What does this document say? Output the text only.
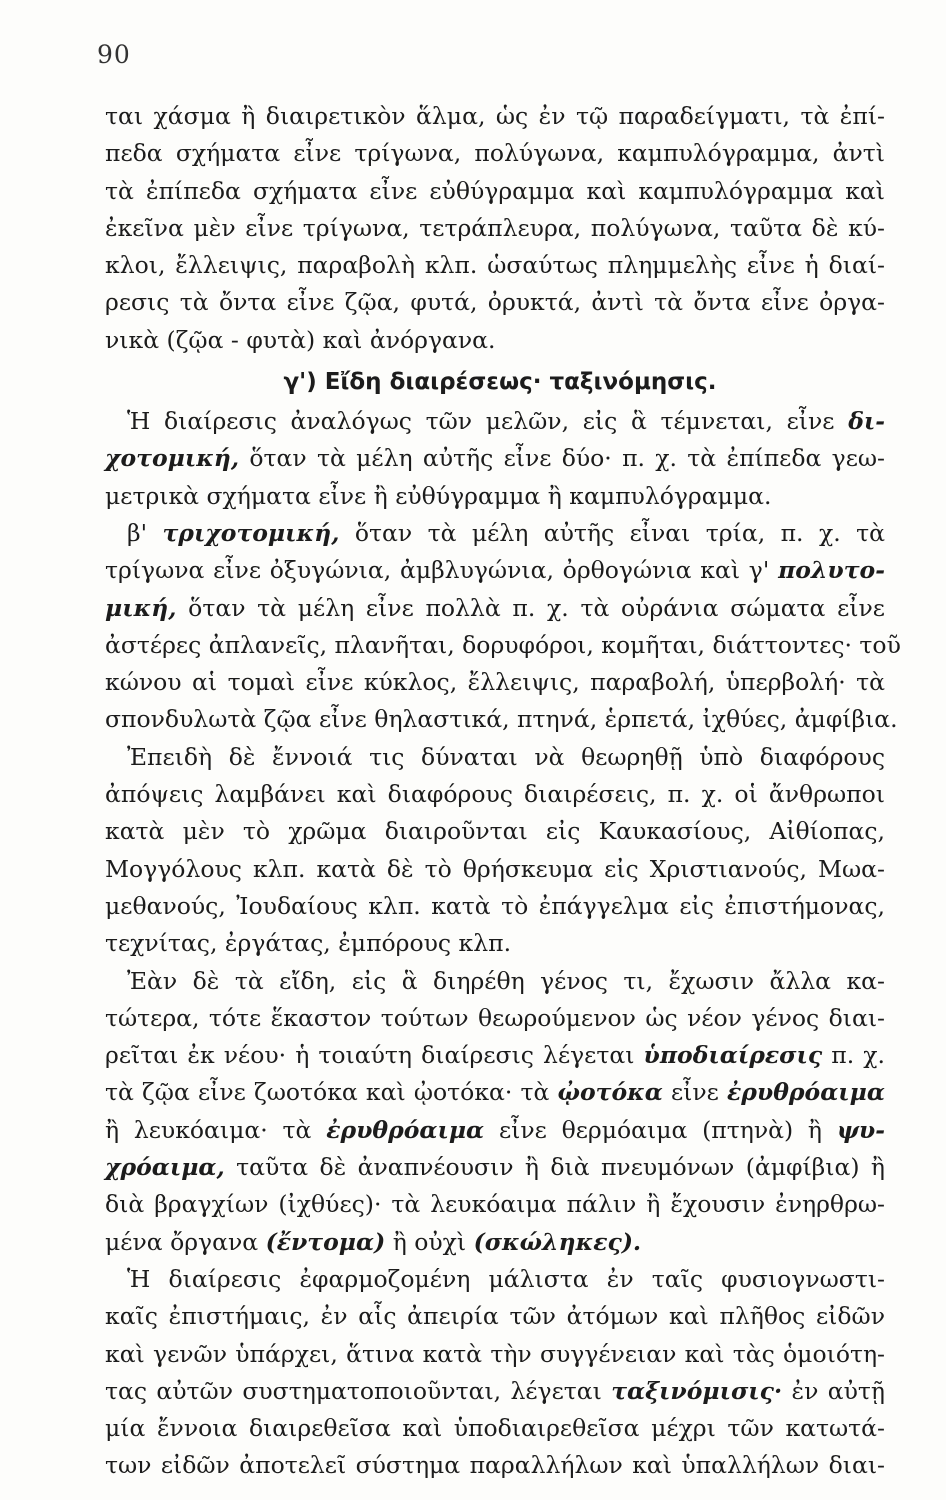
90
ται χάσμα ἢ διαιρετικὸν ἅλμα, ὡς ἐν τῷ παραδείγματι, τὰ ἐπί-
πεδα σχήματα εἶνε τρίγωνα, πολύγωνα, καμπυλόγραμμα, ἀντὶ
τὰ ἐπίπεδα σχήματα εἶνε εὐθύγραμμα καὶ καμπυλόγραμμα καὶ
ἐκεῖνα μὲν εἶνε τρίγωνα, τετράπλευρα, πολύγωνα, ταῦτα δὲ κύ-
κλοι, ἔλλειψις, παραβολὴ κλπ. ὡσαύτως πλημμελὴς εἶνε ἡ διαί-
ρεσις τὰ ὄντα εἶνε ζῷα, φυτά, ὀρυκτά, ἀντὶ τὰ ὄντα εἶνε ὀργα-
νικὰ (ζῷα - φυτὰ) καὶ ἀνόργανα.
γ') Εἴδη διαιρέσεως· ταξινόμησις.
Ἡ διαίρεσις ἀναλόγως τῶν μελῶν, εἰς ἃ τέμνεται, εἶνε δι-
χοτομική, ὅταν τὰ μέλη αὐτῆς εἶνε δύο· π. χ. τὰ ἐπίπεδα γεω-
μετρικὰ σχήματα εἶνε ἢ εὐθύγραμμα ἢ καμπυλόγραμμα.
β' τριχοτομική, ὅταν τὰ μέλη αὐτῆς εἶναι τρία, π. χ. τὰ
τρίγωνα εἶνε ὀξυγώνια, ἀμβλυγώνια, ὀρθογώνια καὶ γ' πολυτο-
μική, ὅταν τὰ μέλη εἶνε πολλὰ π. χ. τὰ οὐράνια σώματα εἶνε
ἀστέρες ἀπλανεῖς, πλανῆται, δορυφόροι, κομῆται, διάττοντες· τοῦ
κώνου αἱ τομαὶ εἶνε κύκλος, ἔλλειψις, παραβολή, ὑπερβολή· τὰ
σπονδυλωτὰ ζῷα εἶνε θηλαστικά, πτηνά, ἑρπετά, ἰχθύες, ἀμφίβια.
Ἐπειδὴ δὲ ἔννοιά τις δύναται νὰ θεωρηθῇ ὑπὸ διαφόρους
ἀπόψεις λαμβάνει καὶ διαφόρους διαιρέσεις, π. χ. οἱ ἄνθρωποι
κατὰ μὲν τὸ χρῶμα διαιροῦνται εἰς Καυκασίους, Αἰθίοπας,
Μογγόλους κλπ. κατὰ δὲ τὸ θρήσκευμα εἰς Χριστιανούς, Μωα-
μεθανούς, Ἰουδαίους κλπ. κατὰ τὸ ἐπάγγελμα εἰς ἐπιστήμονας,
τεχνίτας, ἐργάτας, ἐμπόρους κλπ.
Ἐὰν δὲ τὰ εἴδη, εἰς ἃ διηρέθη γένος τι, ἔχωσιν ἄλλα κα-
τώτερα, τότε ἕκαστον τούτων θεωρούμενον ὡς νέον γένος διαι-
ρεῖται ἐκ νέου· ἡ τοιαύτη διαίρεσις λέγεται ὑποδιαίρεσις π. χ.
τὰ ζῷα εἶνε ζωοτόκα καὶ ᾠοτόκα· τὰ ᾠοτόκα εἶνε ἐρυθρόαιμα
ἢ λευκόαιμα· τὰ ἐρυθρόαιμα εἶνε θερμόαιμα (πτηνὰ) ἢ ψυ-
χρόαιμα, ταῦτα δὲ ἀναπνέουσιν ἢ διὰ πνευμόνων (ἀμφίβια) ἢ
διὰ βραγχίων (ἰχθύες)· τὰ λευκόαιμα πάλιν ἢ ἔχουσιν ἐνηρθρω-
μένα ὄργανα (ἔντομα) ἢ οὐχὶ (σκώληκες).
Ἡ διαίρεσις ἐφαρμοζομένη μάλιστα ἐν ταῖς φυσιογνωστι-
καῖς ἐπιστήμαις, ἐν αἷς ἀπειρία τῶν ἀτόμων καὶ πλῆθος εἰδῶν
καὶ γενῶν ὑπάρχει, ἅτινα κατὰ τὴν συγγένειαν καὶ τὰς ὁμοιότη-
τας αὐτῶν συστηματοποιοῦνται, λέγεται ταξινόμισις· ἐν αὐτῇ
μία ἔννοια διαιρεθεῖσα καὶ ὑποδιαιρεθεῖσα μέχρι τῶν κατωτά-
των εἰδῶν ἀποτελεῖ σύστημα παραλλήλων καὶ ὑπαλλήλων διαι-
